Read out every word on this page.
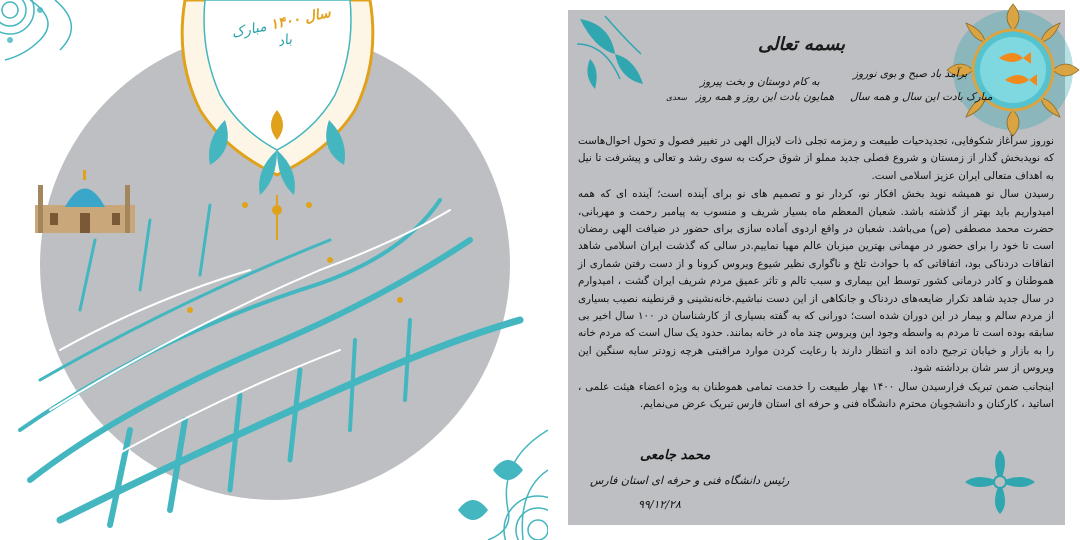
سال ۱۴۰۰ مبارک باد	بسمه تعالی
برآمد باد صبح و بوی نوروز
به کام دوستان و بخت پیروز
مبارک بادت این سال و همه سال
همایون بادت این روز و همه روز
سعدی

نوروز سرآغاز شکوفایی، تجدیدحیات طبیعت و رمزمه تجلی ذات لایزال الهی در تغییر فصول و تحول احوال‌هاست که نویدبخش گذار از زمستان و شروع فصلی جدید مملو از شوق حرکت به سوی رشد و تعالی و پیشرفت تا نیل به اهداف متعالی ایران عزیز اسلامی است.

رسیدن سال نو همیشه نوید بخش افکار نو، کردار نو و تصمیم های نو برای آینده است؛ آینده ای که همه امیدواریم باید بهتر از گذشته باشد. شعبان المعظم ماه بسیار شریف و منسوب به پیامبر رحمت و مهربانی، حضرت محمد مصطفی (ص) می‌باشد. شعبان در واقع اردوی آماده سازی برای حضور در ضیافت الهی رمضان است تا خود را برای حضور در مهمانی بهترین میزبان عالم مهیا نماییم.در سالی که گذشت ایران اسلامی شاهد اتفاقات دردناکی بود، اتفاقاتی که با حوادث تلخ و ناگواری نظیر شیوع ویروس کرونا و از دست رفتن شماری از هموطنان و کادر درمانی کشور توسط این بیماری و سبب تالم و تاثر عمیق مردم شریف ایران گشت ، امیدوارم در سال جدید شاهد تکرار ضایعه‌های دردناک و جانکاهی از این دست نباشیم.خانه‌نشینی و قرنطینه نصیب بسیاری از مردم سالم و بیمار در این دوران شده است؛ دورانی که به گفته بسیاری از کارشناسان در ۱۰۰ سال اخیر بی سابقه بوده است تا مردم به واسطه وجود این ویروس چند ماه در خانه بمانند. حدود یک سال است که مردم خانه را به بازار و خیابان ترجیح داده اند و انتظار دارند با رعایت کردن موارد مراقبتی هرچه زودتر سایه سنگین این ویروس از سر شان برداشته شود.

اینجانب ضمن تبریک فرارسیدن سال ۱۴۰۰ بهار طبیعت را خدمت تمامی هموطنان به ویژه اعضاء هیئت علمی ، اساتید ، کارکنان و دانشجویان محترم دانشگاه فنی و حرفه ای استان فارس تبریک عرض می‌نمایم.

محمد جامعی
رئیس دانشگاه فنی و حرفه ای استان فارس
۹۹/۱۲/۲۸
